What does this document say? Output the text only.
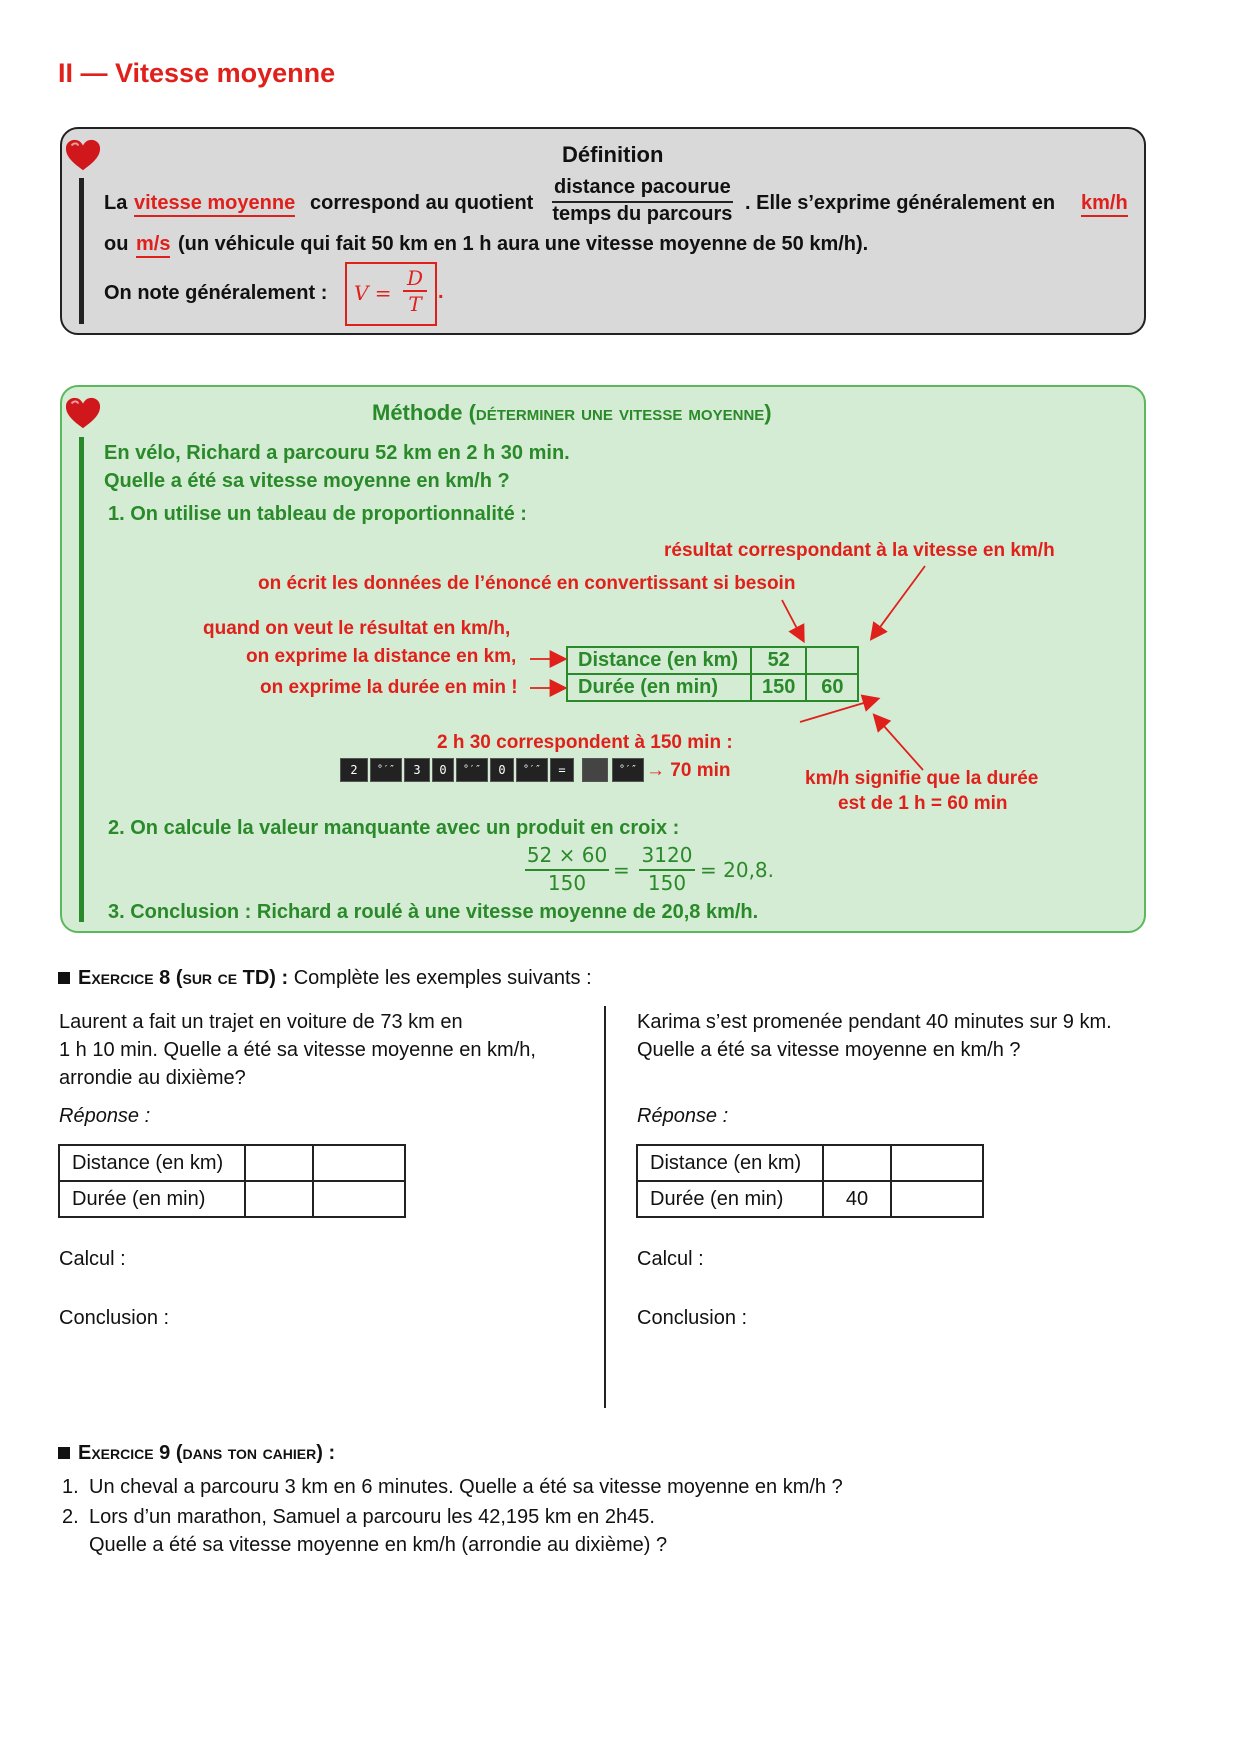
II — Vitesse moyenne
Définition
La vitesse moyenne correspond au quotient
distance pacourue
temps du parcours . Elle s’exprime généralement en km/h
ou m/s (un véhicule qui fait 50 km en 1 h aura une vitesse moyenne de 50 km/h).
On note généralement : $V = \frac{D}{T}$ .
Méthode (déterminer une vitesse moyenne)
En vélo, Richard a parcouru 52 km en 2 h 30 min.
Quelle a été sa vitesse moyenne en km/h ?
1. On utilise un tableau de proportionnalité :
résultat correspondant à la vitesse en km/h
on écrit les données de l’énoncé en convertissant si besoin
quand on veut le résultat en km/h,
on exprime la distance en km,
on exprime la durée en min !
Distance (en km)	52	
Durée (en min)	150	60
2 h 30 correspondent à 150 min :
2	°′″	3	0	°′″	0	°′″	=	°′″ → 70 min	km/h signifie que la durée
est de 1 h = 60 min
2. On calcule la valeur manquante avec un produit en croix :
$\frac{52 \times 60}{150} = \frac{3120}{150} = 20,8$.
3. Conclusion : Richard a roulé à une vitesse moyenne de 20,8 km/h.
Exercice 8 (sur ce TD) : Complète les exemples suivants :
Laurent a fait un trajet en voiture de 73 km en
1 h 10 min. Quelle a été sa vitesse moyenne en km/h,
arrondie au dixième?
Karima s’est promenée pendant 40 minutes sur 9 km.
Quelle a été sa vitesse moyenne en km/h ?
Réponse :	Réponse :
Distance (en km)		
Durée (en min)		
Distance (en km)		
Durée (en min)	40	
Calcul :	Calcul :
Conclusion :	Conclusion :
Exercice 9 (dans ton cahier) :
1. Un cheval a parcouru 3 km en 6 minutes. Quelle a été sa vitesse moyenne en km/h ?
2. Lors d’un marathon, Samuel a parcouru les 42,195 km en 2h45.
Quelle a été sa vitesse moyenne en km/h (arrondie au dixième) ?
